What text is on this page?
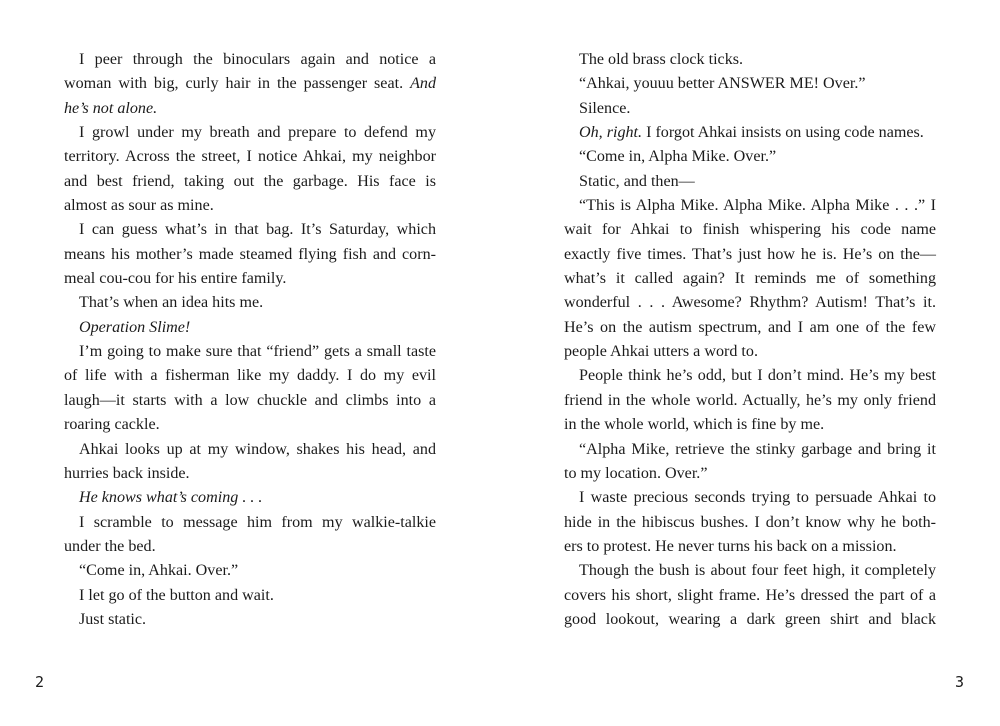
I peer through the binoculars again and notice a

woman with big, curly hair in the passenger seat. And

he’s not alone.

I growl under my breath and prepare to defend my

territory. Across the street, I notice Ahkai, my neighbor

and best friend, taking out the garbage. His face is

almost as sour as mine.

I can guess what’s in that bag. It’s Saturday, which

means his mother’s made steamed flying fish and corn-

meal cou-cou for his entire family.

That’s when an idea hits me.

Operation Slime!

I’m going to make sure that “friend” gets a small taste

of life with a fisherman like my daddy. I do my evil

laugh—it starts with a low chuckle and climbs into a

roaring cackle.

Ahkai looks up at my window, shakes his head, and

hurries back inside.

He knows what’s coming . . .

I scramble to message him from my walkie-talkie

under the bed.

“Come in, Ahkai. Over.”

I let go of the button and wait.

Just static.

The old brass clock ticks.

“Ahkai, youuu better ANSWER ME! Over.”

Silence.

Oh, right. I forgot Ahkai insists on using code names.

“Come in, Alpha Mike. Over.”

Static, and then—

“This is Alpha Mike. Alpha Mike. Alpha Mike . . .” I

wait for Ahkai to finish whispering his code name

exactly five times. That’s just how he is. He’s on the—

what’s it called again? It reminds me of something

wonderful . . . Awesome? Rhythm? Autism! That’s it.

He’s on the autism spectrum, and I am one of the few

people Ahkai utters a word to.

People think he’s odd, but I don’t mind. He’s my best

friend in the whole world. Actually, he’s my only friend

in the whole world, which is fine by me.

“Alpha Mike, retrieve the stinky garbage and bring it

to my location. Over.”

I waste precious seconds trying to persuade Ahkai to

hide in the hibiscus bushes. I don’t know why he both-

ers to protest. He never turns his back on a mission.

Though the bush is about four feet high, it completely

covers his short, slight frame. He’s dressed the part of a

good lookout, wearing a dark green shirt and black

2	3
